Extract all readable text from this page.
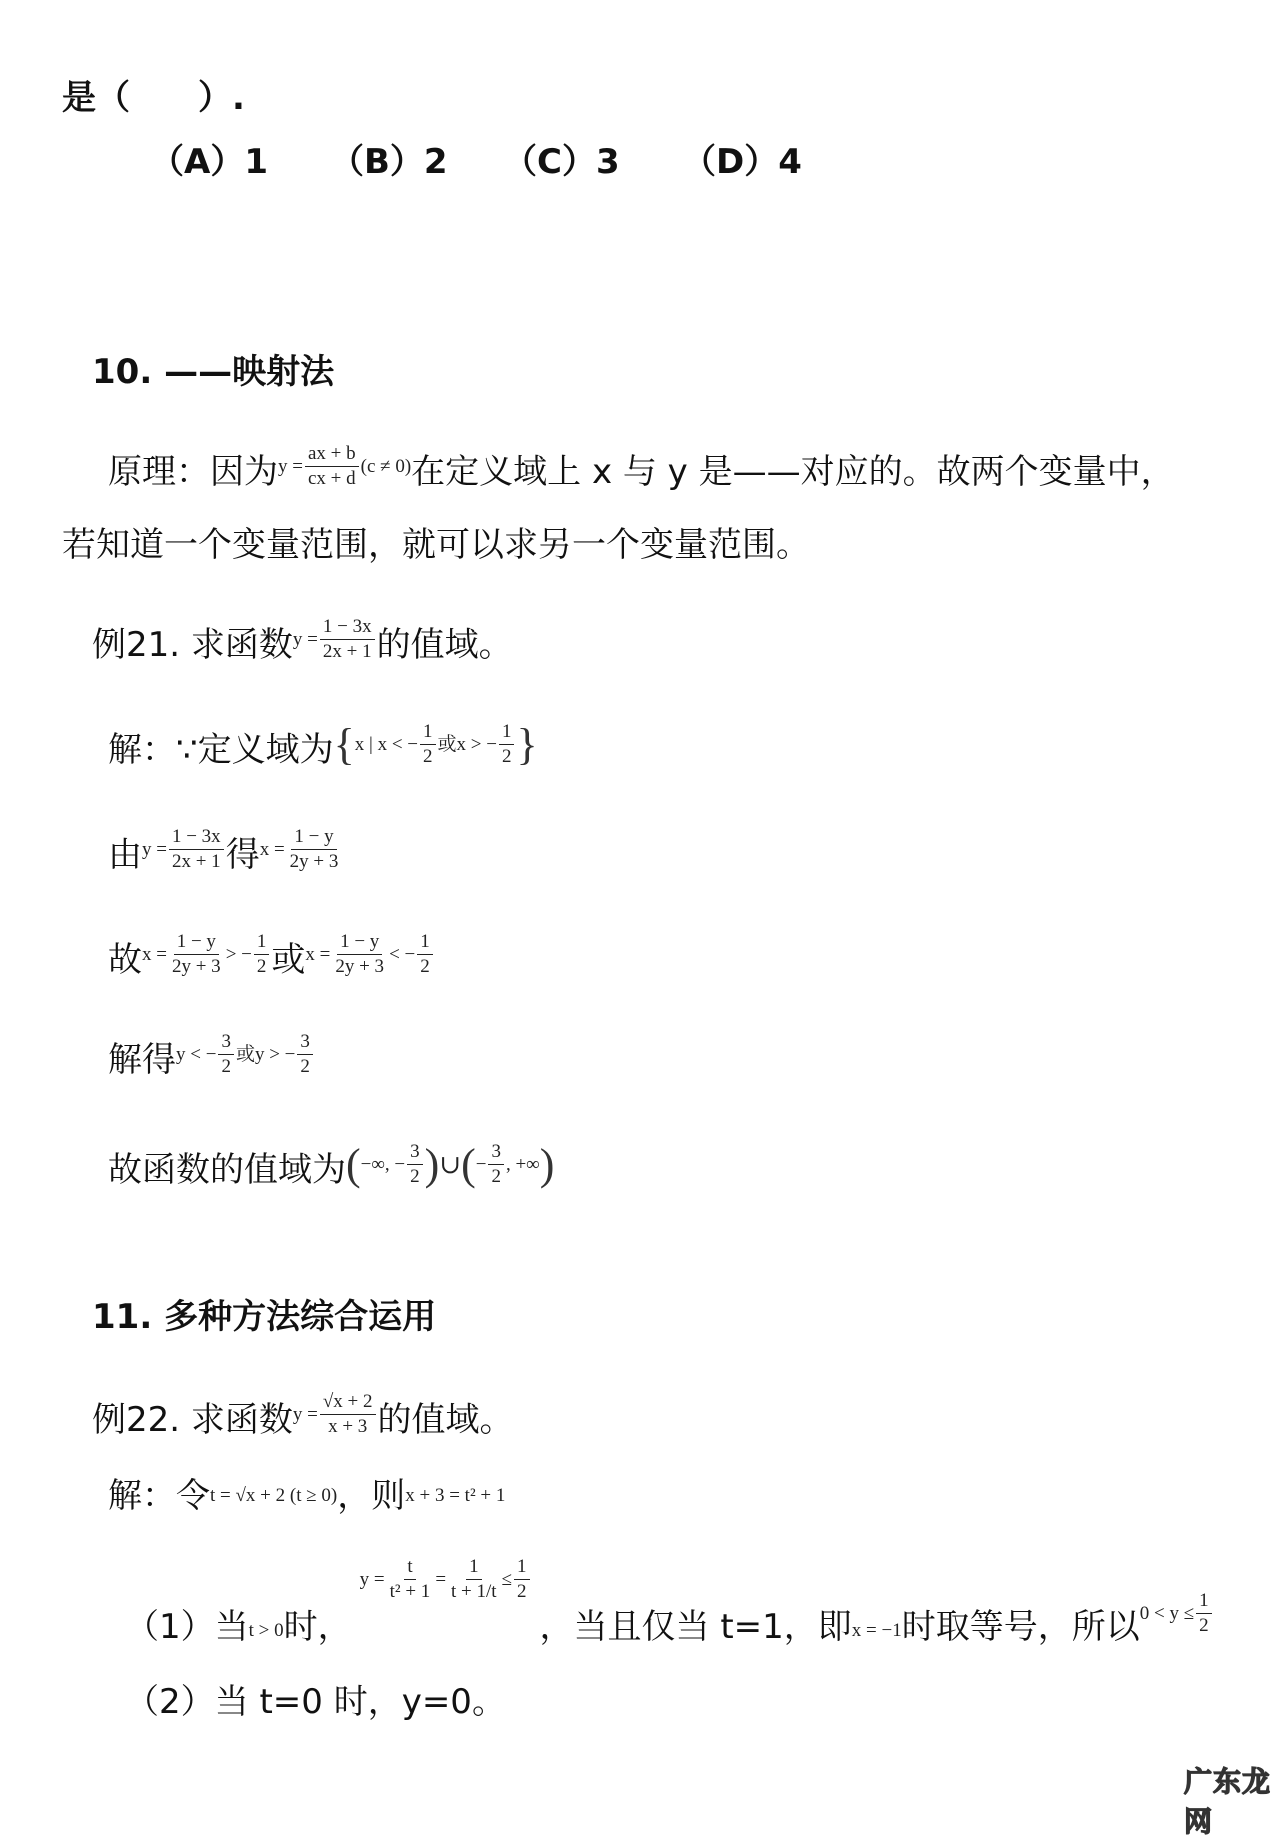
是（　　）.
（A）1 （B）2 （C）3 （D）4
10. ——映射法
原理：因为 $y = \frac{ax + b}{cx + d} (c \ne 0)$ 在定义域上 x 与 y 是——对应的。故两个变量中，
若知道一个变量范围，就可以求另一个变量范围。
例21. 求函数 $y = \frac{1 - 3x}{2x + 1}$ 的值域。
解：∵定义域为 { x | x < − $\frac{1}{2}$ 或x > − $\frac{1}{2}$ }
由 $y = \frac{1 - 3x}{2x + 1}$ 得 $x = \frac{1 - y}{2y + 3}$
故 $x = \frac{1 - y}{2y + 3}$ > − $\frac{1}{2}$ 或 $x = \frac{1 - y}{2y + 3}$ < − $\frac{1}{2}$
解得 y < − $\frac{3}{2}$ 或y > − $\frac{3}{2}$
故函数的值域为 ( −∞, − $\frac{3}{2}$ ) ∪ ( − $\frac{3}{2}$ , +∞ )
11. 多种方法综合运用
例22. 求函数 $y = \frac{√x + 2}{x + 3}$ 的值域。
解：令t = √x + 2 (t ≥ 0)，则x + 3 = t² + 1
（1）当t > 0时，
$y = \frac{t}{\text{t² + 1}} = \frac{1}{t + 1/t} \le \frac{1}{2}$
，当且仅当 t=1，即x = −1时取等号，所以 $0 < y \le \frac{1}{2}$
（2）当 t=0 时，y=0。
广东龙网
